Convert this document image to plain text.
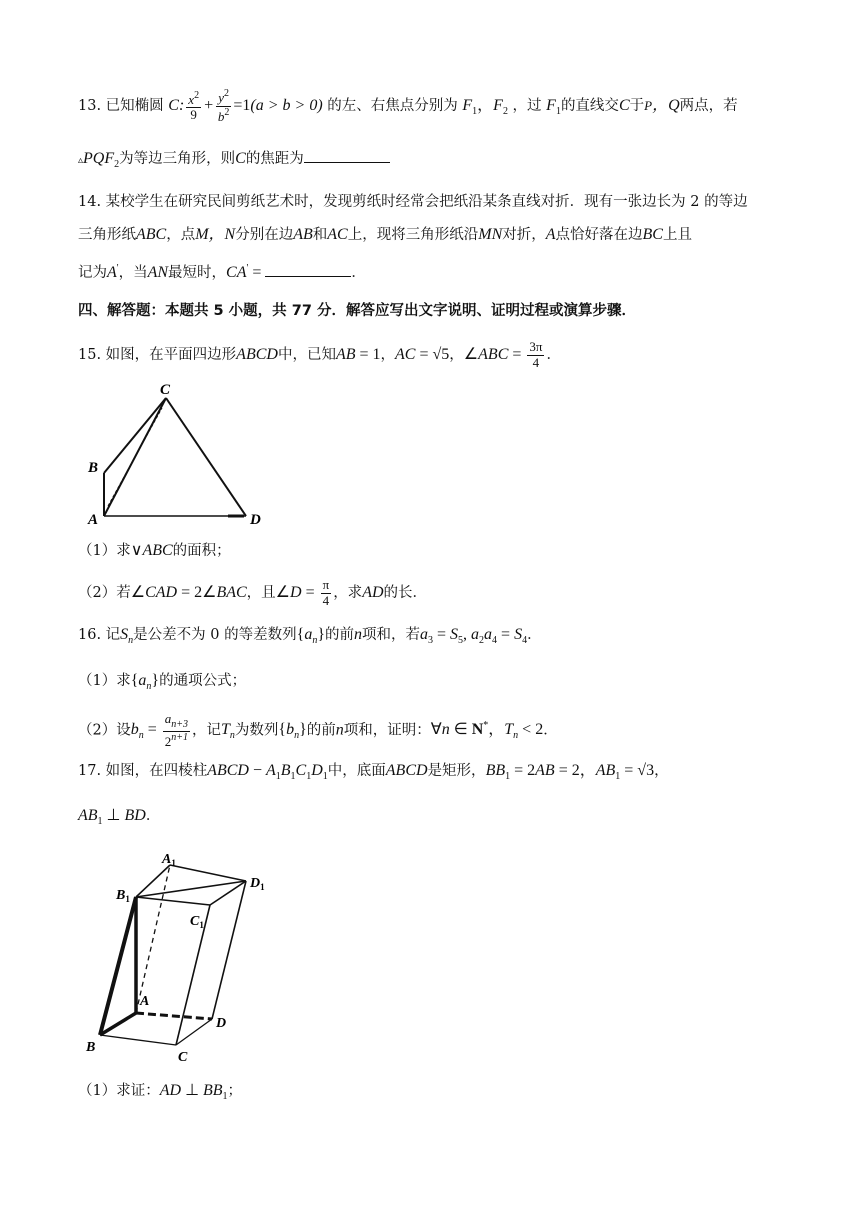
13. 已知椭圆 C: $\frac{x^2}{9} + \frac{y^2}{b^2} =1(a > b > 0)$ 的左、右焦点分别为 $F_1$，$F_2$ ，过 $F_1$的直线交C于P，Q两点，若
$▵PQF_2$为等边三角形，则C的焦距为
14. 某校学生在研究民间剪纸艺术时，发现剪纸时经常会把纸沿某条直线对折．现有一张边长为 2 的等边
三角形纸ABC，点M，N分别在边AB和AC上，现将三角形纸沿MN对折，A点恰好落在边BC上且
记为A'，当AN最短时，CA' =	．
四、解答题：本题共 5 小题，共 77 分．解答应写出文字说明、证明过程或演算步骤．
15. 如图，在平面四边形ABCD中，已知AB = 1，AC = √5，∠ABC = $\frac{3\pi}{4}$ ．
C
B
A	D
（1）求∨ABC的面积；
（2）若∠CAD = 2∠BAC，且∠D = $\frac{\pi}{4}$ ，求AD的长．
16. 记$S_n$是公差不为 0 的等差数列$\{a_n\}$的前n项和，若$a_3 = S_5$, $a_2a_4 = S_4$．
（1）求$\{a_n\}$的通项公式；
（2）设$b_n = \frac{a_{n+3}}{2^{n+1}}$ ，记$T_n$为数列$\{b_n\}$的前n项和，证明：∀n ∈ N*，$T_n < 2$．
17. 如图，在四棱柱ABCD − $A_1B_1C_1D_1$中，底面ABCD是矩形，$BB_1 = 2AB = 2$，$AB_1 = √3$，
$AB_1$ ⊥ BD．
$A_1$
$D_1$
$B_1$
$C_1$
A
D
B
C
（1）求证：AD ⊥ $BB_1$；
